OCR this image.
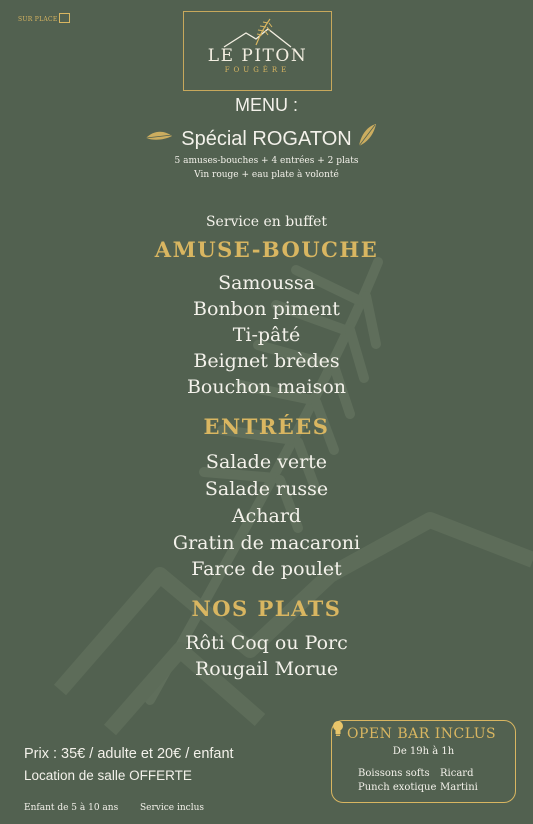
SUR PLACE
LE PITON
FOUGÈRE
MENU :
Spécial ROGATON
5 amuses-bouches + 4 entrées + 2 plats
Vin rouge + eau plate à volonté
Service en buffet
AMUSE-BOUCHE
Samoussa
Bonbon piment
Ti-pâté
Beignet brèdes
Bouchon maison
ENTRÉES
Salade verte
Salade russe
Achard
Gratin de macaroni
Farce de poulet
NOS PLATS
Rôti Coq ou Porc
Rougail Morue
OPEN BAR INCLUS
De 19h à 1h
Boissons softs Ricard
Punch exotique Martini
Prix : 35€ / adulte et 20€ / enfant
Location de salle OFFERTE
Enfant de 5 à 10 ans Service inclus
